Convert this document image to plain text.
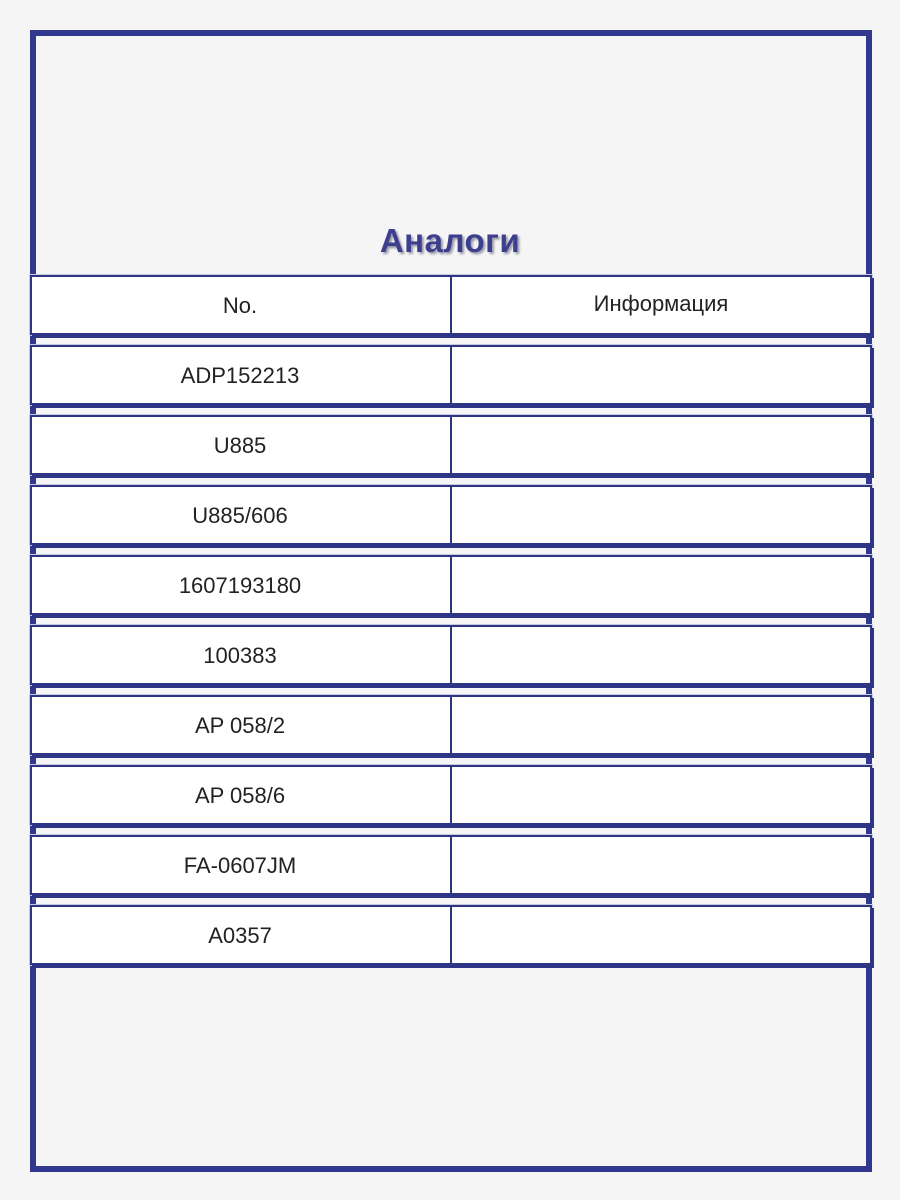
Аналоги
No.	Информация
ADP152213
U885
U885/606
1607193180
100383
AP 058/2
AP 058/6
FA-0607JM
A0357
